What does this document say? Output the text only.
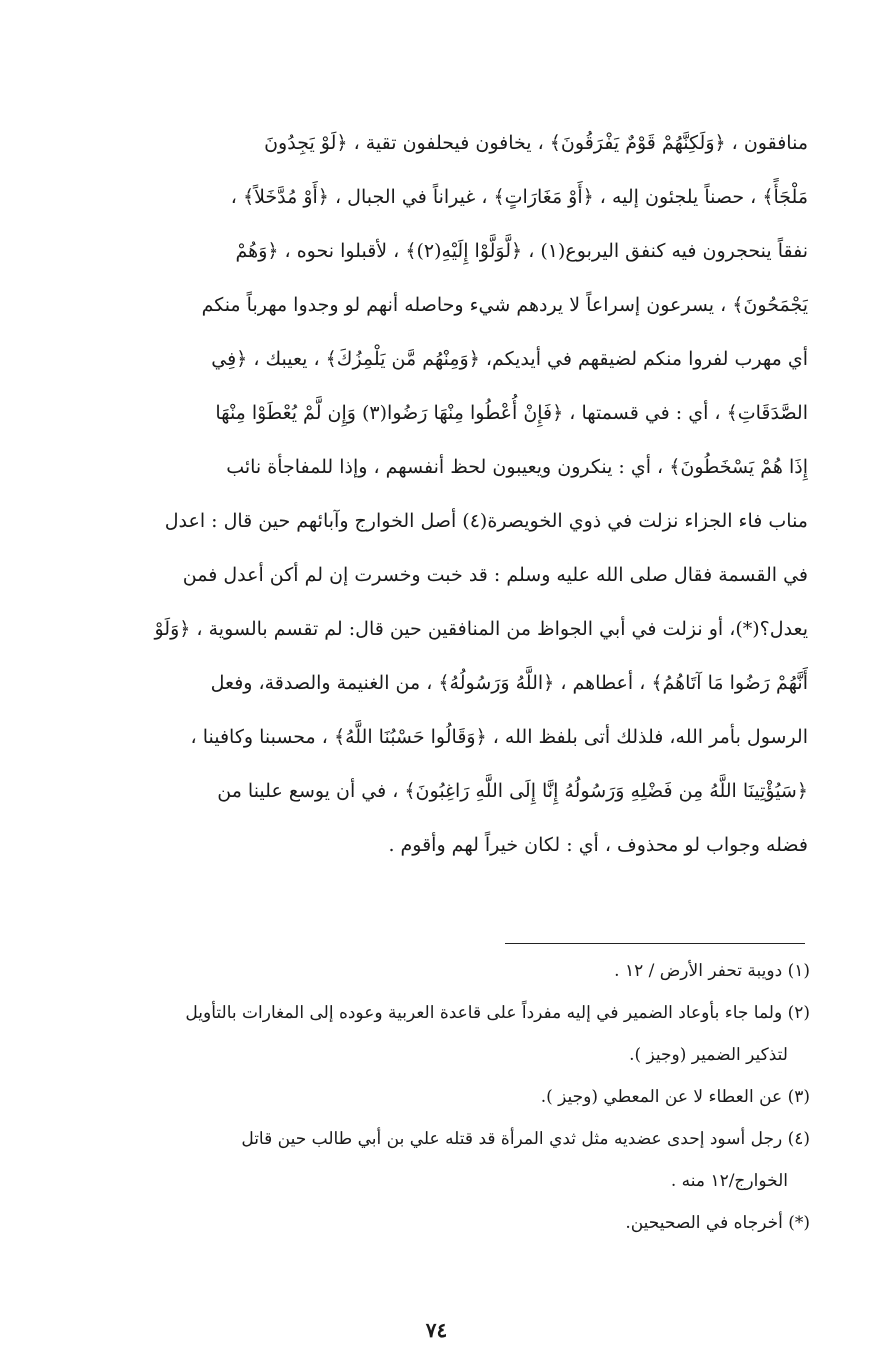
منافقون ، ﴿وَلَكِنَّهُمْ قَوْمٌ يَفْرَقُونَ﴾ ، يخافون فيحلفون تقية ، ﴿لَوْ يَجِدُونَ
مَلْجَأً﴾ ، حصناً يلجئون إليه ، ﴿أَوْ مَغَارَاتٍ﴾ ، غيراناً في الجبال ، ﴿أَوْ مُدَّخَلاً﴾ ،
نفقاً ينحجرون فيه كنفق اليربوع(١) ، ﴿لَّوَلَّوْا إِلَيْهِ(٢)﴾ ، لأقبلوا نحوه ، ﴿وَهُمْ
يَجْمَحُونَ﴾ ، يسرعون إسراعاً لا يردهم شيء وحاصله أنهم لو وجدوا مهرباً منكم
أي مهرب لفروا منكم لضيقهم في أيديكم، ﴿وَمِنْهُم مَّن يَلْمِزُكَ﴾ ، يعيبك ، ﴿فِي
الصَّدَقَاتِ﴾ ، أي : في قسمتها ، ﴿فَإِنْ أُعْطُوا مِنْهَا رَضُوا(٣) وَإِن لَّمْ يُعْطَوْا مِنْهَا
إِذَا هُمْ يَسْخَطُونَ﴾ ، أي : ينكرون ويعيبون لحظ أنفسهم ، وإذا للمفاجأة نائب
مناب فاء الجزاء نزلت في ذوي الخويصرة(٤) أصل الخوارج وآبائهم حين قال : اعدل
في القسمة فقال صلى الله عليه وسلم : قد خبت وخسرت إن لم أكن أعدل فمن
يعدل؟(*)، أو نزلت في أبي الجواظ من المنافقين حين قال: لم تقسم بالسوية ، ﴿وَلَوْ
أَنَّهُمْ رَضُوا مَا آتَاهُمُ﴾ ، أعطاهم ، ﴿اللَّهُ وَرَسُولُهُ﴾ ، من الغنيمة والصدقة، وفعل
الرسول بأمر الله، فلذلك أتى بلفظ الله ، ﴿وَقَالُوا حَسْبُنَا اللَّهُ﴾ ، محسبنا وكافينا ،
﴿سَيُؤْتِينَا اللَّهُ مِن فَضْلِهِ وَرَسُولُهُ إِنَّا إِلَى اللَّهِ رَاغِبُونَ﴾ ، في أن يوسع علينا من
فضله وجواب لو محذوف ، أي : لكان خيراً لهم وأقوم .
(١) دويبة تحفر الأرض / ١٢ .
(٢) ولما جاء بأوعاد الضمير في إليه مفرداً على قاعدة العربية وعوده إلى المغارات بالتأويل
لتذكير الضمير (وجيز ).
(٣) عن العطاء لا عن المعطي (وجيز ).
(٤) رجل أسود إحدى عضديه مثل ثدي المرأة قد قتله علي بن أبي طالب حين قاتل
الخوارج/١٢ منه .
(*) أخرجاه في الصحيحين.
٧٤
